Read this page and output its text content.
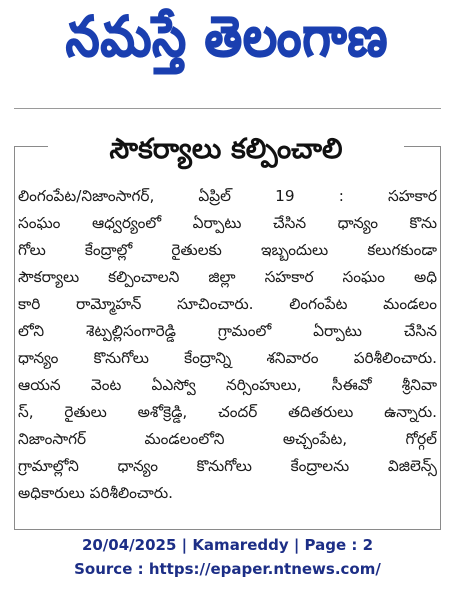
నమస్తే తెలంగాణ
సౌకర్యాలు కల్పించాలి
లింగంపేట/నిజాంసాగర్, ఏప్రిల్ 19 : సహకార
సంఘం ఆధ్వర్యంలో ఏర్పాటు చేసిన ధాన్యం కొను
గోలు కేంద్రాల్లో రైతులకు ఇబ్బందులు కలుగకుండా
సౌకర్యాలు కల్పించాలని జిల్లా సహకార సంఘం అధి
కారి రామ్మోహన్ సూచించారు. లింగంపేట మండలం
లోని శెట్పల్లిసంగారెడ్డి గ్రామంలో ఏర్పాటు చేసిన
ధాన్యం కొనుగోలు కేంద్రాన్ని శనివారం పరిశీలించారు.
ఆయన వెంట ఏఎస్వో నర్సింహులు, సీఈవో శ్రీనివా
స్, రైతులు అశోక్రెడ్డి, చందర్ తదితరులు ఉన్నారు.
నిజాంసాగర్ మండలంలోని అచ్చంపేట, గోర్గల్
గ్రామాల్లోని ధాన్యం కొనుగోలు కేంద్రాలను విజిలెన్స్
అధికారులు పరిశీలించారు.
20/04/2025 | Kamareddy | Page : 2
Source : https://epaper.ntnews.com/
